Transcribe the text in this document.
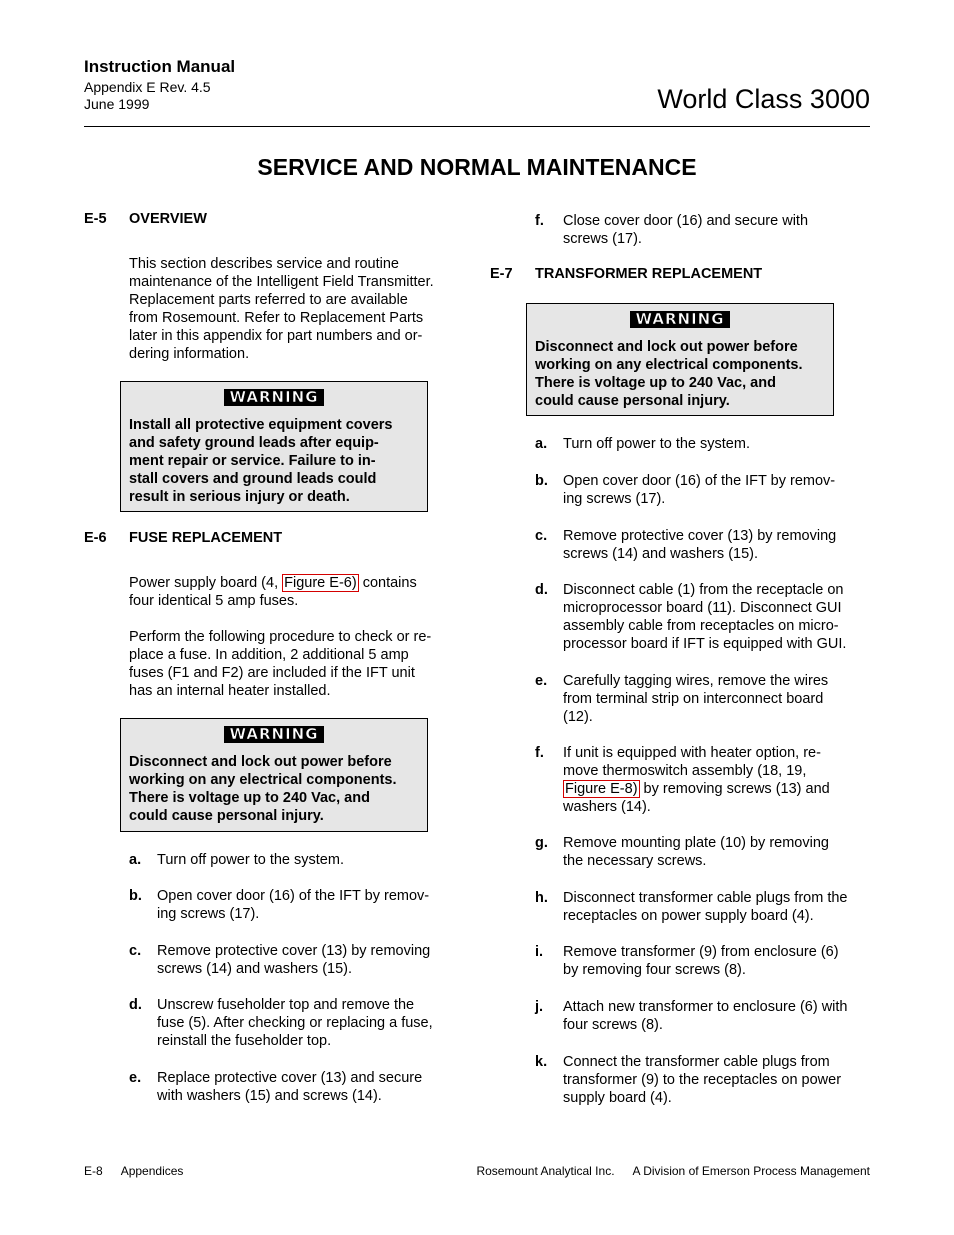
Instruction Manual
Appendix E Rev. 4.5
June 1999	World Class 3000
SERVICE AND NORMAL MAINTENANCE
E-5 OVERVIEW
This section describes service and routine
maintenance of the Intelligent Field Transmitter.
Replacement parts referred to are available
from Rosemount. Refer to Replacement Parts
later in this appendix for part numbers and or-
dering information.
WARNING
Install all protective equipment covers
and safety ground leads after equip-
ment repair or service. Failure to in-
stall covers and ground leads could
result in serious injury or death.
E-6 FUSE REPLACEMENT
Power supply board (4, Figure E-6) contains
four identical 5 amp fuses.
Perform the following procedure to check or re-
place a fuse. In addition, 2 additional 5 amp
fuses (F1 and F2) are included if the IFT unit
has an internal heater installed.
WARNING
Disconnect and lock out power before
working on any electrical components.
There is voltage up to 240 Vac, and
could cause personal injury.
a. Turn off power to the system.
b. Open cover door (16) of the IFT by remov-
ing screws (17).
c. Remove protective cover (13) by removing
screws (14) and washers (15).
d. Unscrew fuseholder top and remove the
fuse (5). After checking or replacing a fuse,
reinstall the fuseholder top.
e. Replace protective cover (13) and secure
with washers (15) and screws (14).
f. Close cover door (16) and secure with
screws (17).
E-7 TRANSFORMER REPLACEMENT
WARNING
Disconnect and lock out power before
working on any electrical components.
There is voltage up to 240 Vac, and
could cause personal injury.
a. Turn off power to the system.
b. Open cover door (16) of the IFT by remov-
ing screws (17).
c. Remove protective cover (13) by removing
screws (14) and washers (15).
d. Disconnect cable (1) from the receptacle on
microprocessor board (11). Disconnect GUI
assembly cable from receptacles on micro-
processor board if IFT is equipped with GUI.
e. Carefully tagging wires, remove the wires
from terminal strip on interconnect board
(12).
f. If unit is equipped with heater option, re-
move thermoswitch assembly (18, 19,
Figure E-8) by removing screws (13) and
washers (14).
g. Remove mounting plate (10) by removing
the necessary screws.
h. Disconnect transformer cable plugs from the
receptacles on power supply board (4).
i. Remove transformer (9) from enclosure (6)
by removing four screws (8).
j. Attach new transformer to enclosure (6) with
four screws (8).
k. Connect the transformer cable plugs from
transformer (9) to the receptacles on power
supply board (4).
E-8 Appendices	Rosemount Analytical Inc. A Division of Emerson Process Management
